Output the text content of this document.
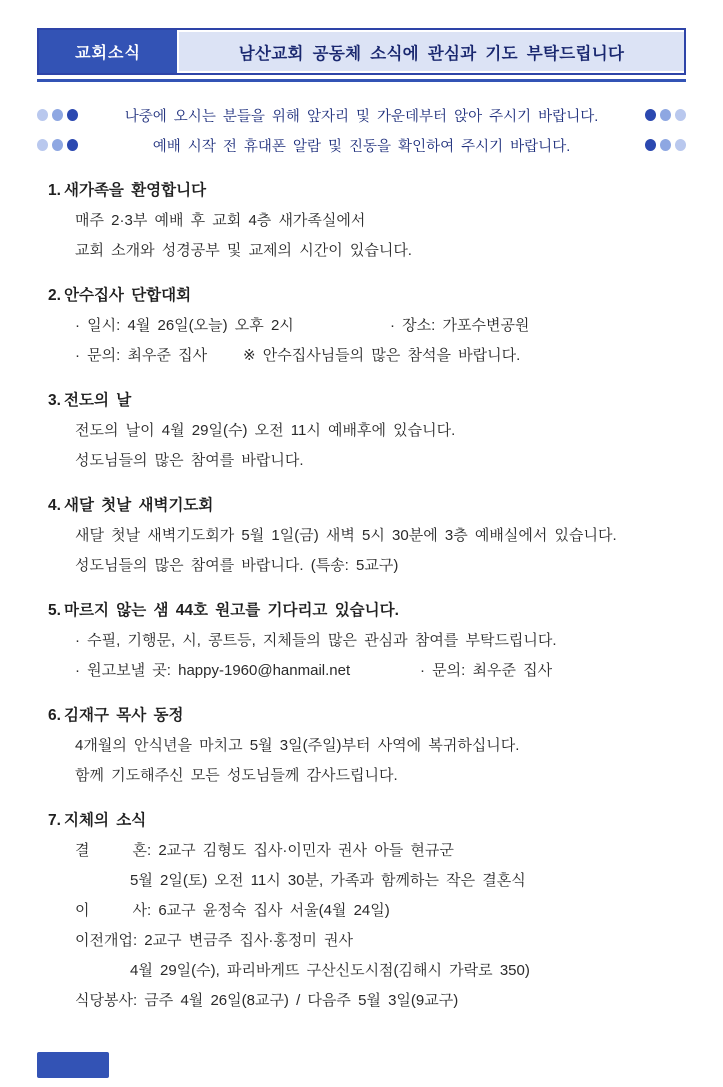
교회소식	남산교회 공동체 소식에 관심과 기도 부탁드립니다
나중에 오시는 분들을 위해 앞자리 및 가운데부터 앉아 주시기 바랍니다.
예배 시작 전 휴대폰 알람 및 진동을 확인하여 주시기 바랍니다.
1. 새가족을 환영합니다
매주 2·3부 예배 후 교회 4층 새가족실에서
교회 소개와 성경공부 및 교제의 시간이 있습니다.
2. 안수집사 단합대회
· 일시: 4월 26일(오늘) 오후 2시	· 장소: 가포수변공원
· 문의: 최우준 집사	※ 안수집사님들의 많은 참석을 바랍니다.
3. 전도의 날
전도의 날이 4월 29일(수) 오전 11시 예배후에 있습니다.
성도님들의 많은 참여를 바랍니다.
4. 새달 첫날 새벽기도회
새달 첫날 새벽기도회가 5월 1일(금) 새벽 5시 30분에 3층 예배실에서 있습니다.
성도님들의 많은 참여를 바랍니다. (특송: 5교구)
5. 마르지 않는 샘 44호 원고를 기다리고 있습니다.
· 수필, 기행문, 시, 콩트등, 지체들의 많은 관심과 참여를 부탁드립니다.
· 원고보낼 곳: happy-1960@hanmail.net	· 문의: 최우준 집사
6. 김재구 목사 동정
4개월의 안식년을 마치고 5월 3일(주일)부터 사역에 복귀하십니다.
함께 기도해주신 모든 성도님들께 감사드립니다.
7. 지체의 소식
결      혼: 2교구 김형도 집사·이민자 권사 아들 현규군
5월 2일(토) 오전 11시 30분, 가족과 함께하는 작은 결혼식
이      사: 6교구 윤정숙 집사 서울(4월 24일)
이전개업: 2교구 변금주 집사·홍정미 권사
4월 29일(수), 파리바게뜨 구산신도시점(김해시 가락로 350)
식당봉사: 금주 4월 26일(8교구) / 다음주 5월 3일(9교구)
